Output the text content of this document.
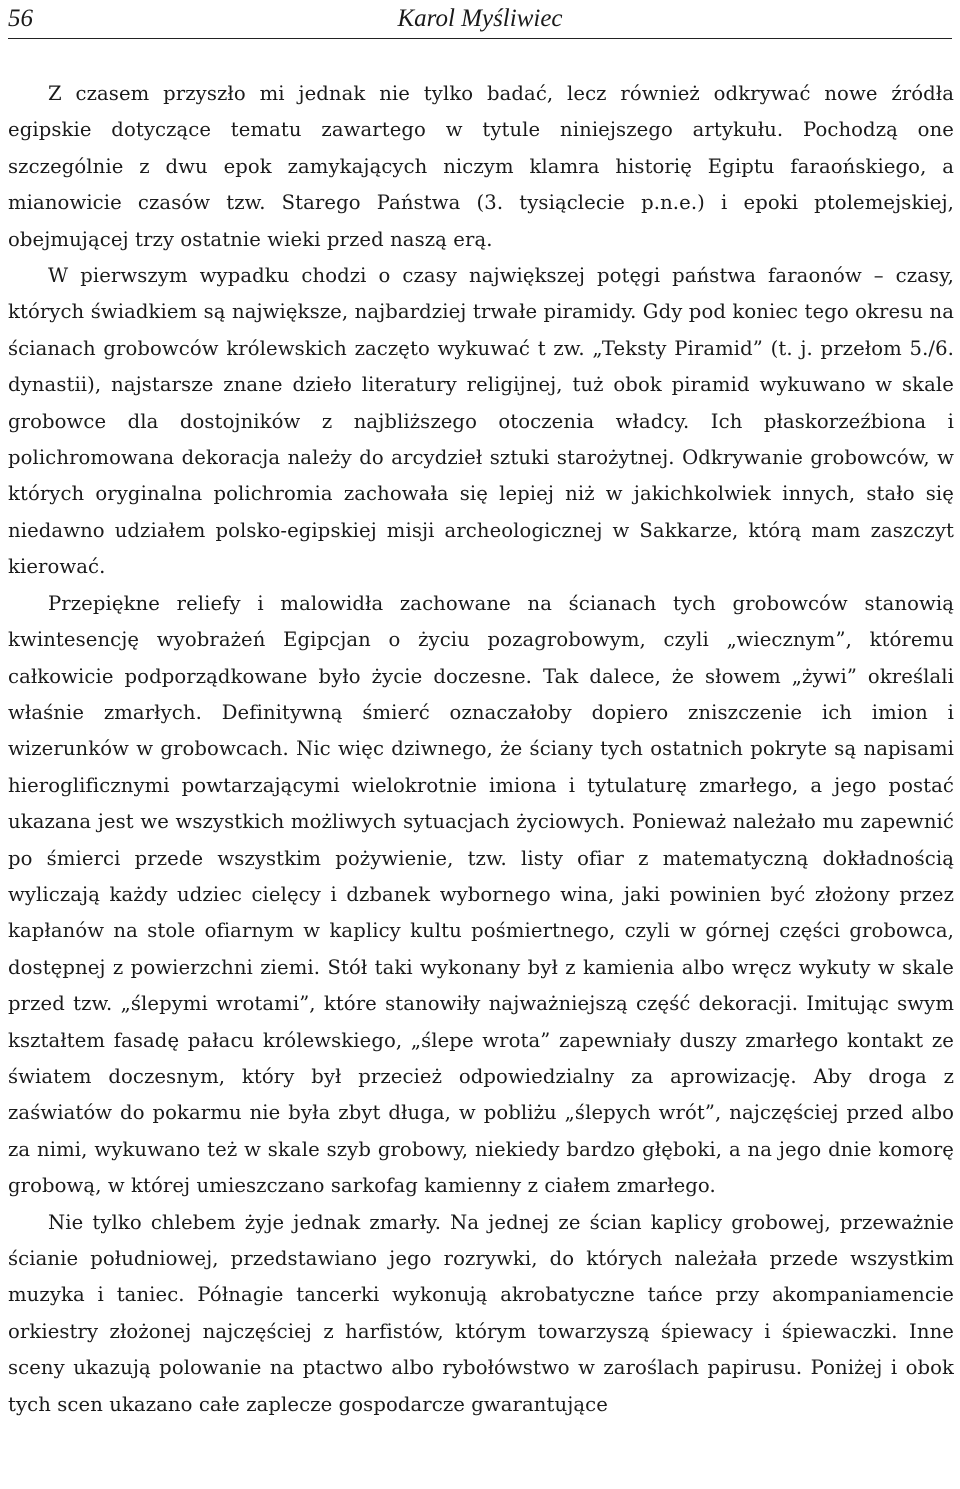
56	Karol Myśliwiec

Z czasem przyszło mi jednak nie tylko badać, lecz również odkrywać nowe źródła egipskie dotyczące tematu zawartego w tytule niniejszego artykułu. Pochodzą one szczególnie z dwu epok zamykających niczym klamra historię Egiptu faraońskiego, a mianowicie czasów tzw. Starego Państwa (3. tysiąclecie p.n.e.) i epoki ptolemejskiej, obejmującej trzy ostatnie wieki przed naszą erą.

W pierwszym wypadku chodzi o czasy największej potęgi państwa faraonów – czasy, których świadkiem są największe, najbardziej trwałe piramidy. Gdy pod koniec tego okresu na ścianach grobowców królewskich zaczęto wykuwać t zw. „Teksty Piramid” (t. j. przełom 5./6. dynastii), najstarsze znane dzieło literatury religijnej, tuż obok piramid wykuwano w skale grobowce dla dostojników z najbliższego otoczenia władcy. Ich płaskorzeźbiona i polichromowana dekoracja należy do arcydzieł sztuki starożytnej. Odkrywanie grobowców, w których oryginalna polichromia zachowała się lepiej niż w jakichkolwiek innych, stało się niedawno udziałem polsko-egipskiej misji archeologicznej w Sakkarze, którą mam zaszczyt kierować.

Przepiękne reliefy i malowidła zachowane na ścianach tych grobowców stanowią kwintesencję wyobrażeń Egipcjan o życiu pozagrobowym, czyli „wiecznym”, któremu całkowicie podporządkowane było życie doczesne. Tak dalece, że słowem „żywi” określali właśnie zmarłych. Definitywną śmierć oznaczałoby dopiero zniszczenie ich imion i wizerunków w grobowcach. Nic więc dziwnego, że ściany tych ostatnich pokryte są napisami hieroglificznymi powtarzającymi wielokrotnie imiona i tytulaturę zmarłego, a jego postać ukazana jest we wszystkich możliwych sytuacjach życiowych. Ponieważ należało mu zapewnić po śmierci przede wszystkim pożywienie, tzw. listy ofiar z matematyczną dokładnością wyliczają każdy udziec cielęcy i dzbanek wybornego wina, jaki powinien być złożony przez kapłanów na stole ofiarnym w kaplicy kultu pośmiertnego, czyli w górnej części grobowca, dostępnej z powierzchni ziemi. Stół taki wykonany był z kamienia albo wręcz wykuty w skale przed tzw. „ślepymi wrotami”, które stanowiły najważniejszą część dekoracji. Imitując swym kształtem fasadę pałacu królewskiego, „ślepe wrota” zapewniały duszy zmarłego kontakt ze światem doczesnym, który był przecież odpowiedzialny za aprowizację. Aby droga z zaświatów do pokarmu nie była zbyt długa, w pobliżu „ślepych wrót”, najczęściej przed albo za nimi, wykuwano też w skale szyb grobowy, niekiedy bardzo głęboki, a na jego dnie komorę grobową, w której umieszczano sarkofag kamienny z ciałem zmarłego.

Nie tylko chlebem żyje jednak zmarły. Na jednej ze ścian kaplicy grobowej, przeważnie ścianie południowej, przedstawiano jego rozrywki, do których należała przede wszystkim muzyka i taniec. Półnagie tancerki wykonują akrobatyczne tańce przy akompaniamencie orkiestry złożonej najczęściej z harfistów, którym towarzyszą śpiewacy i śpiewaczki. Inne sceny ukazują polowanie na ptactwo albo rybołówstwo w zaroślach papirusu. Poniżej i obok tych scen ukazano całe zaplecze gospodarcze gwarantujące
